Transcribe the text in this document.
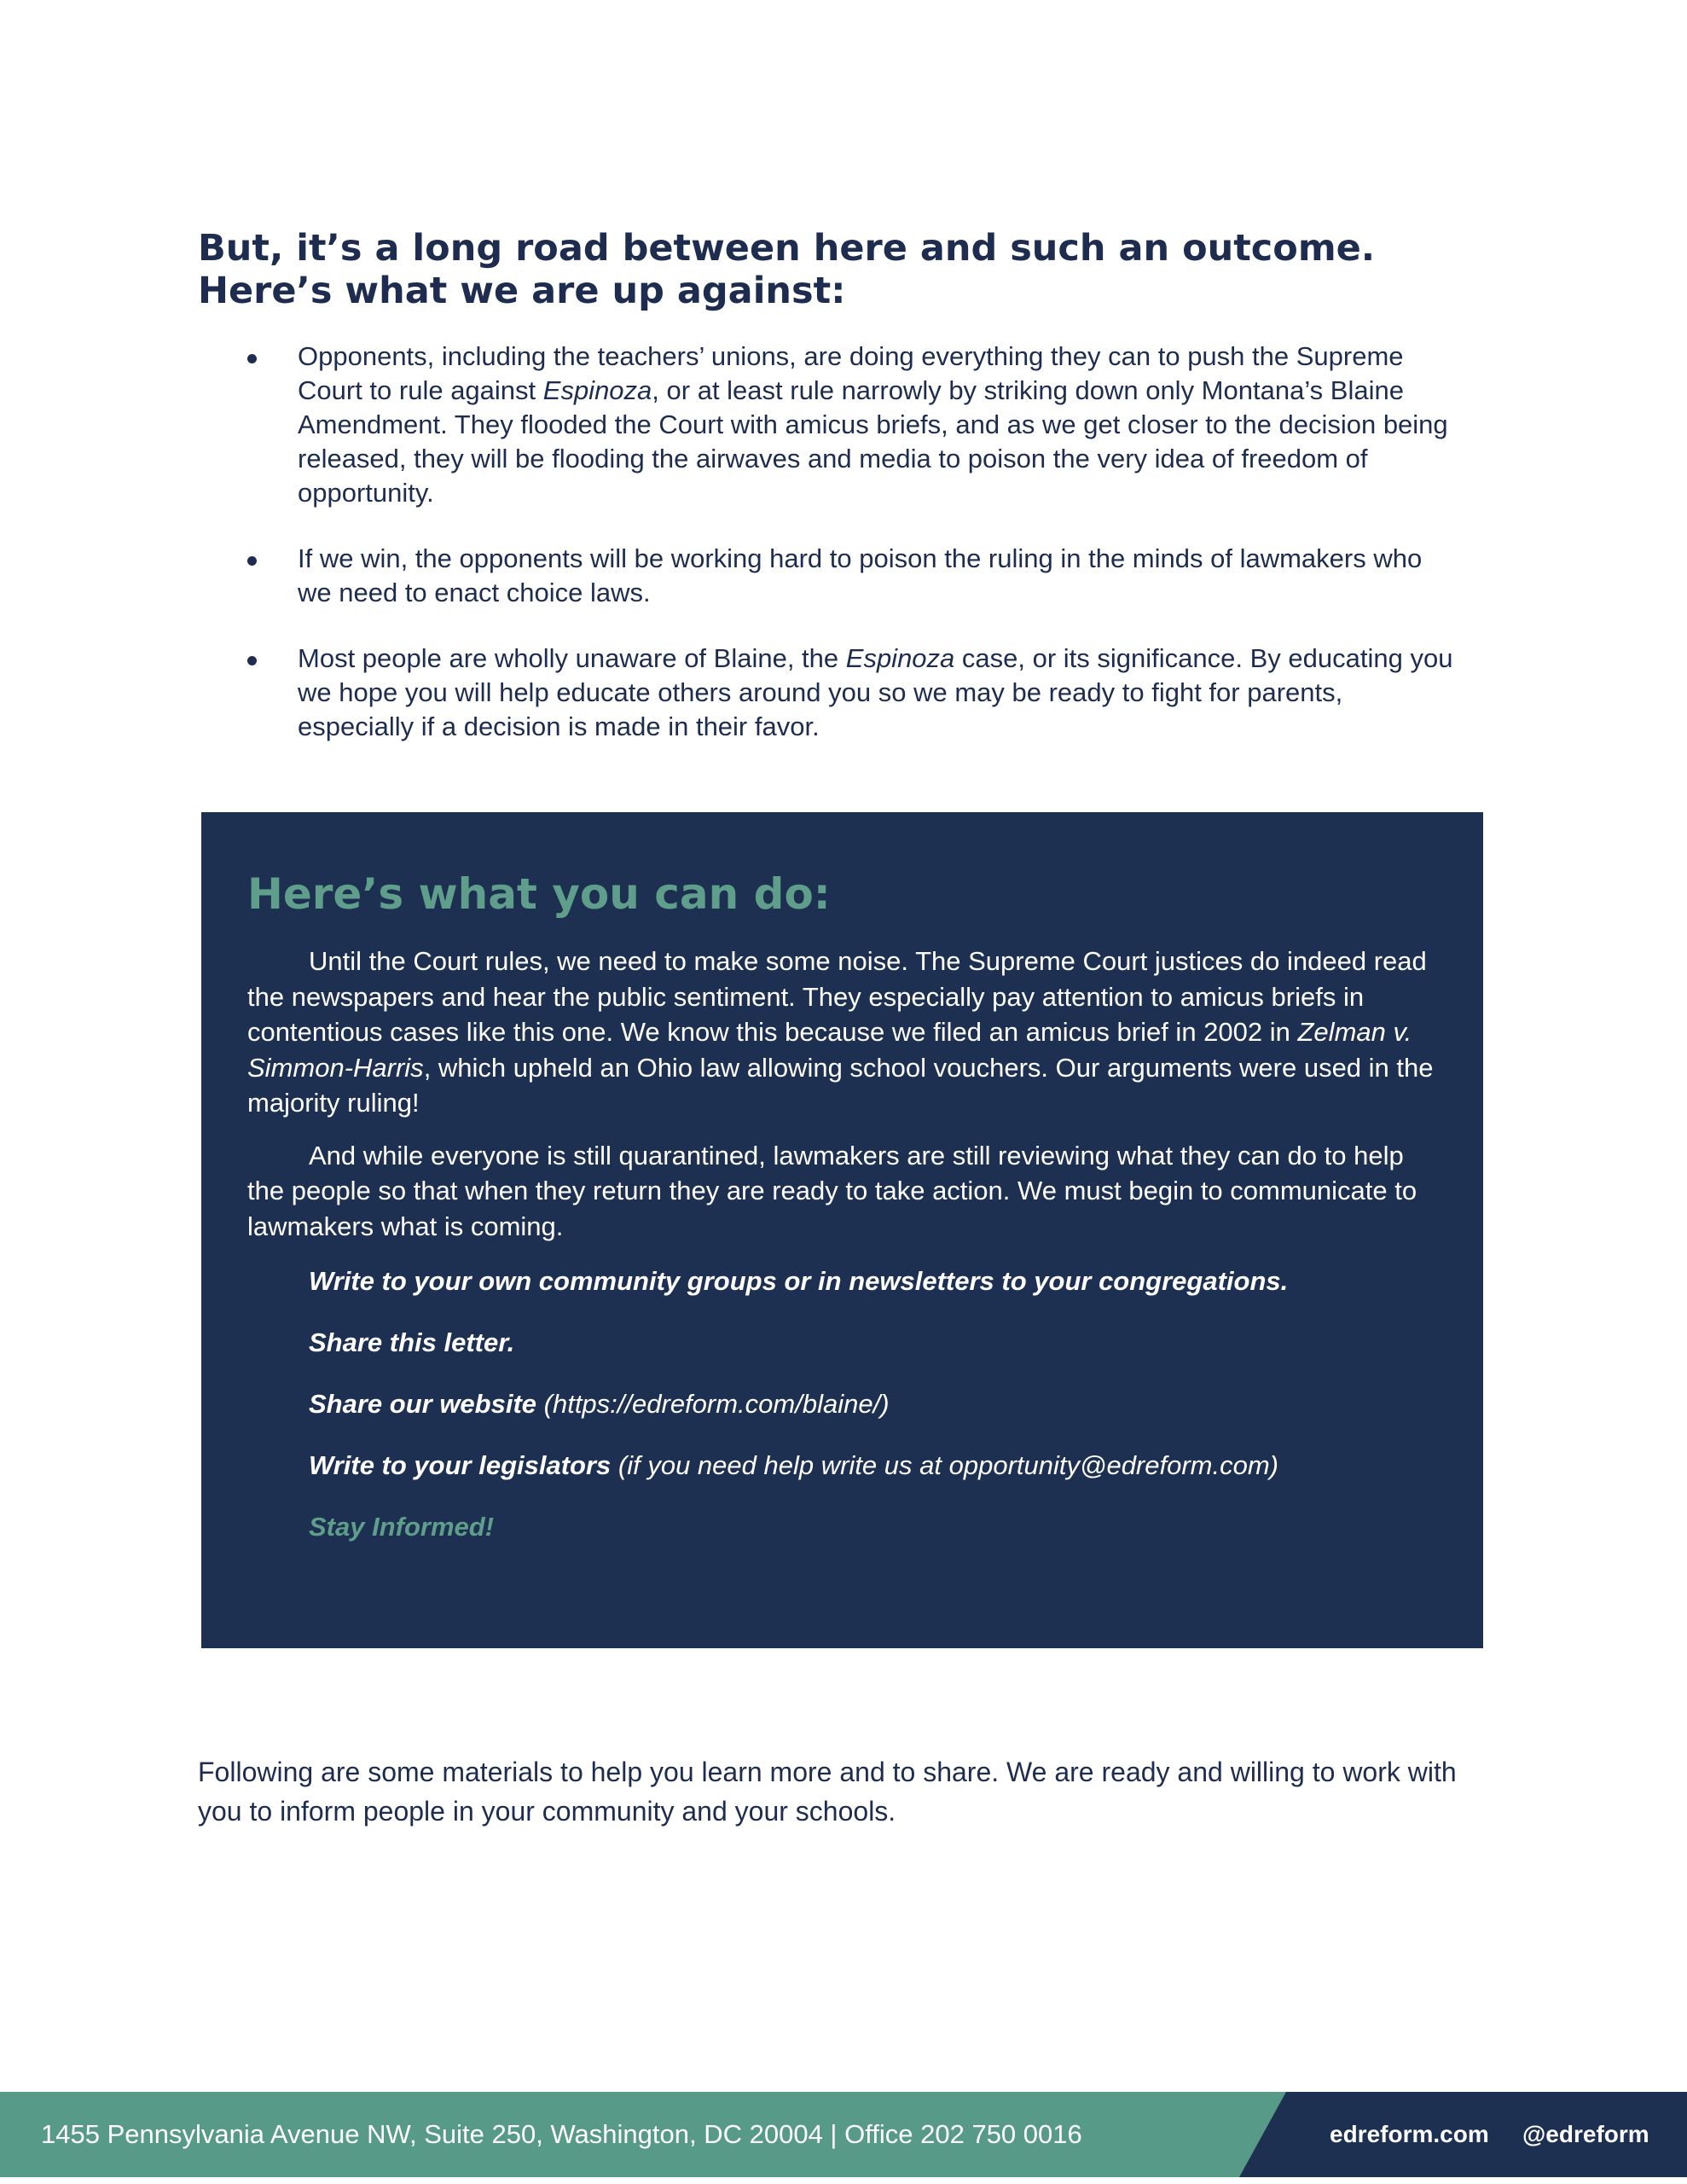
But, it’s a long road between here and such an outcome.
Here’s what we are up against:
Opponents, including the teachers’ unions, are doing everything they can to push the Supreme Court to rule against Espinoza, or at least rule narrowly by striking down only Montana’s Blaine Amendment. They flooded the Court with amicus briefs, and as we get closer to the decision being released, they will be flooding the airwaves and media to poison the very idea of freedom of opportunity.
If we win, the opponents will be working hard to poison the ruling in the minds of lawmakers who we need to enact choice laws.
Most people are wholly unaware of Blaine, the Espinoza case, or its significance. By educating you we hope you will help educate others around you so we may be ready to fight for parents, especially if a decision is made in their favor.
Here’s what you can do:

Until the Court rules, we need to make some noise. The Supreme Court justices do indeed read the newspapers and hear the public sentiment. They especially pay attention to amicus briefs in contentious cases like this one. We know this because we filed an amicus brief in 2002 in Zelman v. Simmon-Harris, which upheld an Ohio law allowing school vouchers. Our arguments were used in the majority ruling!

And while everyone is still quarantined, lawmakers are still reviewing what they can do to help the people so that when they return they are ready to take action. We must begin to communicate to lawmakers what is coming.

Write to your own community groups or in newsletters to your congregations.
Share this letter.
Share our website (https://edreform.com/blaine/)
Write to your legislators (if you need help write us at opportunity@edreform.com)
Stay Informed!

Following are some materials to help you learn more and to share. We are ready and willing to work with you to inform people in your community and your schools.

1455 Pennsylvania Avenue NW, Suite 250, Washington, DC 20004 | Office 202 750 0016	edreform.com @edreform
